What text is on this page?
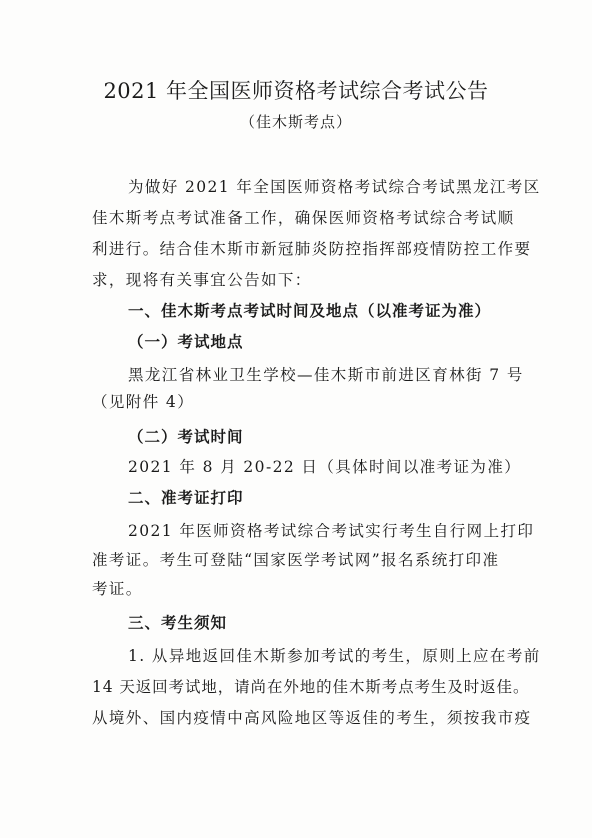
2021 年全国医师资格考试综合考试公告
（佳木斯考点）
为做好 2021 年全国医师资格考试综合考试黑龙江考区
佳木斯考点考试准备工作，确保医师资格考试综合考试顺
利进行。结合佳木斯市新冠肺炎防控指挥部疫情防控工作要
求，现将有关事宜公告如下：
一、佳木斯考点考试时间及地点（以准考证为准）
（一）考试地点
黑龙江省林业卫生学校—佳木斯市前进区育林街 7 号
（见附件 4）
（二）考试时间
2021 年 8 月 20-22 日（具体时间以准考证为准）
二、准考证打印
2021 年医师资格考试综合考试实行考生自行网上打印
准考证。考生可登陆“国家医学考试网”报名系统打印准
考证。
三、考生须知
1. 从异地返回佳木斯参加考试的考生，原则上应在考前
14 天返回考试地，请尚在外地的佳木斯考点考生及时返佳。
从境外、国内疫情中高风险地区等返佳的考生，须按我市疫
